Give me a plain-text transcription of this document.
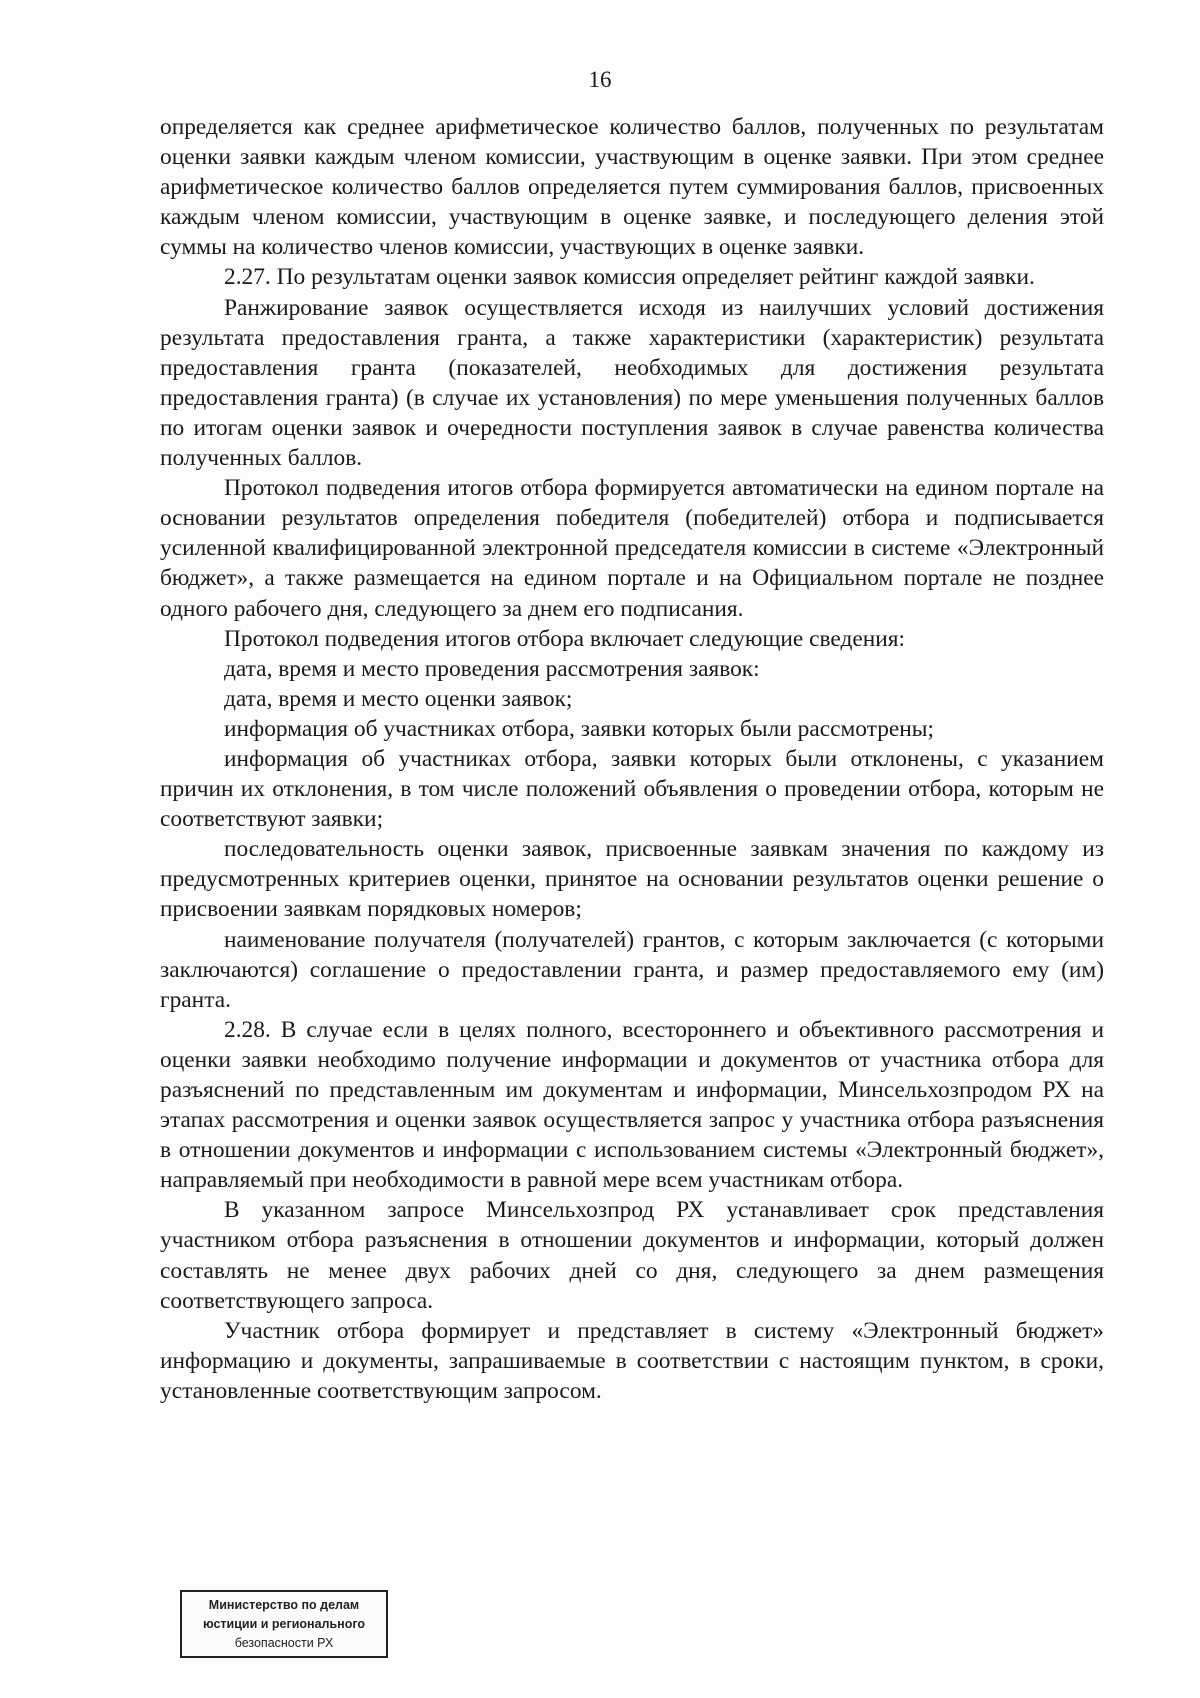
16

определяется как среднее арифметическое количество баллов, полученных по результатам оценки заявки каждым членом комиссии, участвующим в оценке заявки. При этом среднее арифметическое количество баллов определяется путем суммирования баллов, присвоенных каждым членом комиссии, участвующим в оценке заявке, и последующего деления этой суммы на количество членов комиссии, участвующих в оценке заявки.

2.27. По результатам оценки заявок комиссия определяет рейтинг каждой заявки.

Ранжирование заявок осуществляется исходя из наилучших условий достижения результата предоставления гранта, а также характеристики (характеристик) результата предоставления гранта (показателей, необходимых для достижения результата предоставления гранта) (в случае их установления) по мере уменьшения полученных баллов по итогам оценки заявок и очередности поступления заявок в случае равенства количества полученных баллов.

Протокол подведения итогов отбора формируется автоматически на едином портале на основании результатов определения победителя (победителей) отбора и подписывается усиленной квалифицированной электронной председателя комиссии в системе «Электронный бюджет», а также размещается на едином портале и на Официальном портале не позднее одного рабочего дня, следующего за днем его подписания.

Протокол подведения итогов отбора включает следующие сведения:

дата, время и место проведения рассмотрения заявок:

дата, время и место оценки заявок;

информация об участниках отбора, заявки которых были рассмотрены;

информация об участниках отбора, заявки которых были отклонены, с указанием причин их отклонения, в том числе положений объявления о проведении отбора, которым не соответствуют заявки;

последовательность оценки заявок, присвоенные заявкам значения по каждому из предусмотренных критериев оценки, принятое на основании результатов оценки решение о присвоении заявкам порядковых номеров;

наименование получателя (получателей) грантов, с которым заключается (с которыми заключаются) соглашение о предоставлении гранта, и размер предоставляемого ему (им) гранта.

2.28. В случае если в целях полного, всестороннего и объективного рассмотрения и оценки заявки необходимо получение информации и документов от участника отбора для разъяснений по представленным им документам и информации, Минсельхозпродом РХ на этапах рассмотрения и оценки заявок осуществляется запрос у участника отбора разъяснения в отношении документов и информации с использованием системы «Электронный бюджет», направляемый при необходимости в равной мере всем участникам отбора.

В указанном запросе Минсельхозпрод РХ устанавливает срок представления участником отбора разъяснения в отношении документов и информации, который должен составлять не менее двух рабочих дней со дня, следующего за днем размещения соответствующего запроса.

Участник отбора формирует и представляет в систему «Электронный бюджет» информацию и документы, запрашиваемые в соответствии с настоящим пунктом, в сроки, установленные соответствующим запросом.

Министерство по делам
юстиции и регионального
безопасности РХ
